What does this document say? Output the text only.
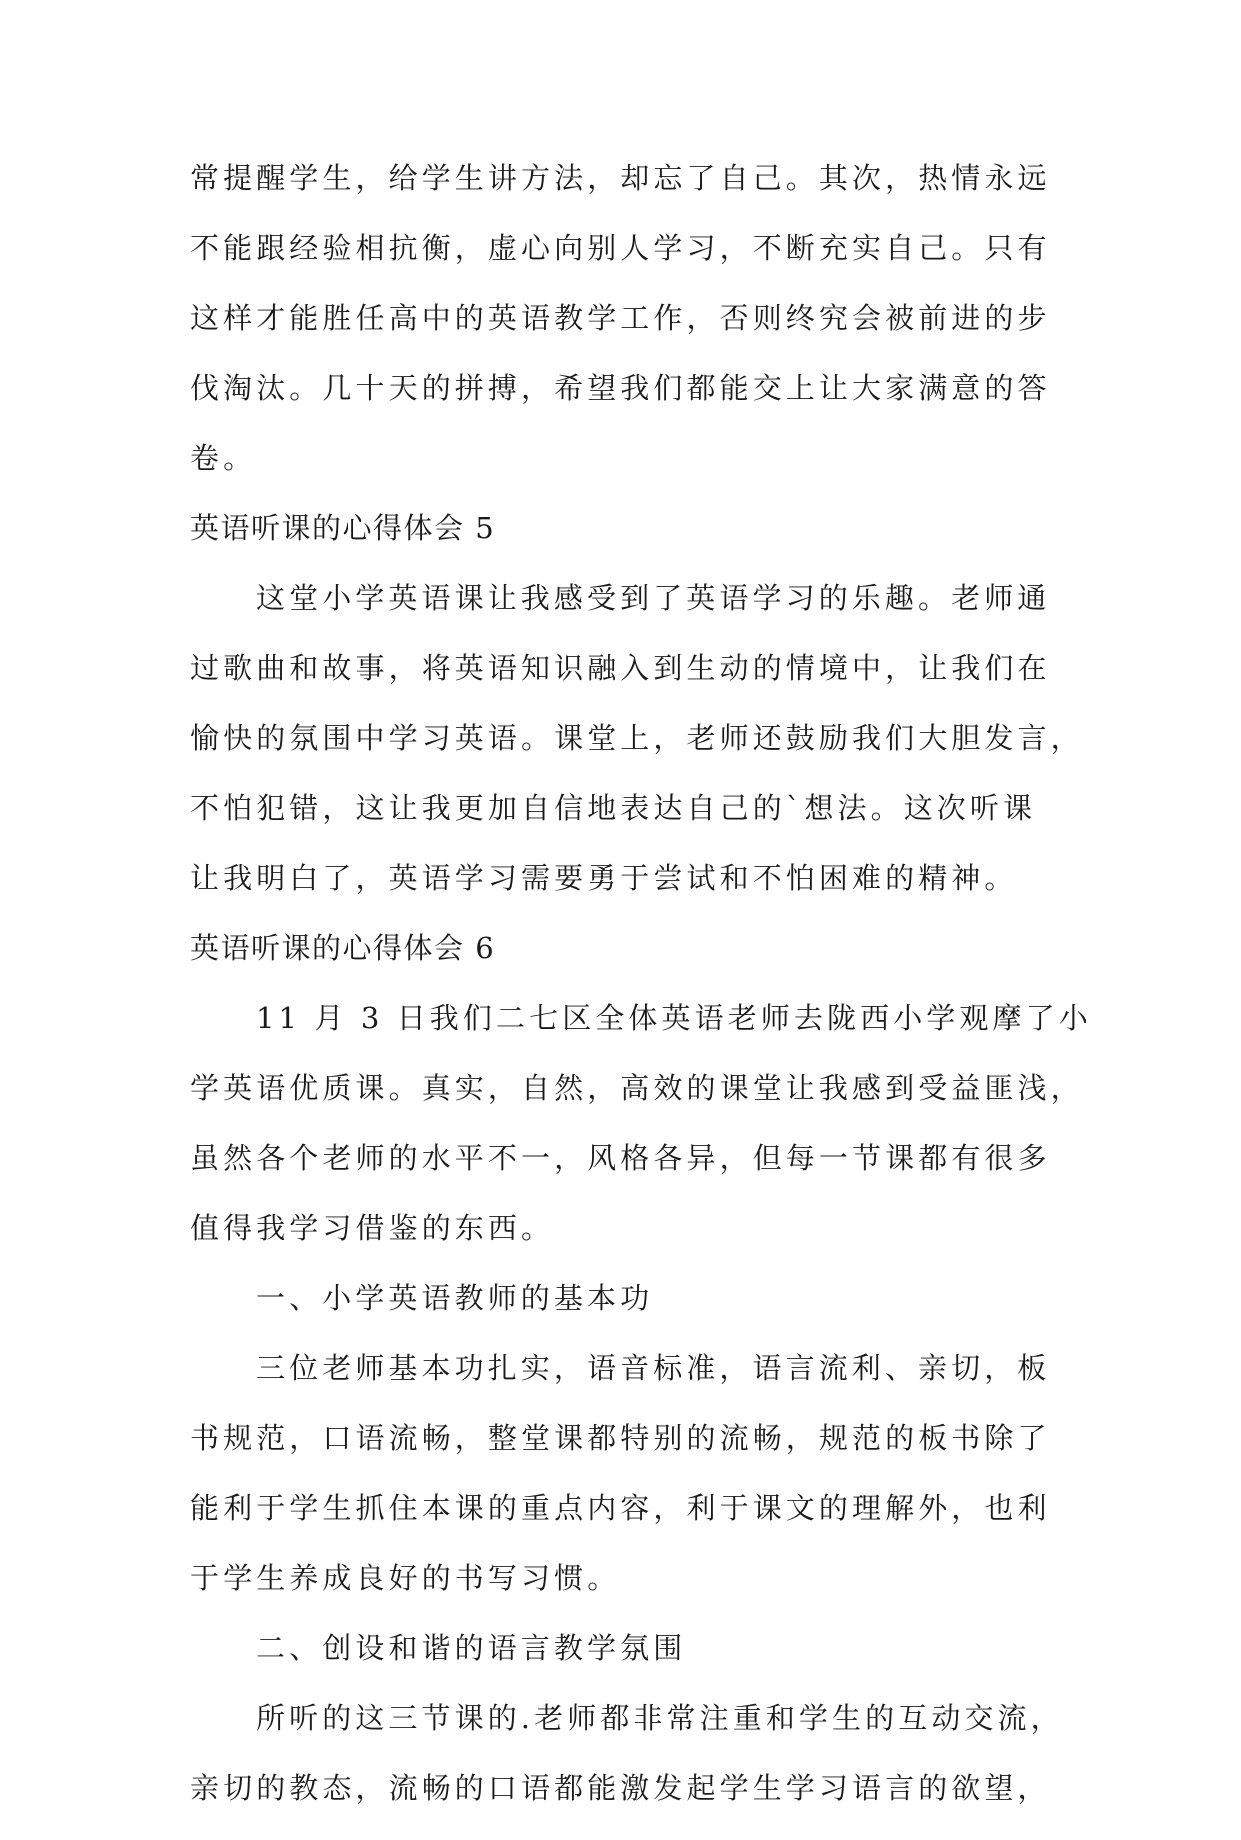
常提醒学生，给学生讲方法，却忘了自己。其次，热情永远
不能跟经验相抗衡，虚心向别人学习，不断充实自己。只有
这样才能胜任高中的英语教学工作，否则终究会被前进的步
伐淘汰。几十天的拼搏，希望我们都能交上让大家满意的答
卷。
英语听课的心得体会 5
这堂小学英语课让我感受到了英语学习的乐趣。老师通
过歌曲和故事，将英语知识融入到生动的情境中，让我们在
愉快的氛围中学习英语。课堂上，老师还鼓励我们大胆发言，
不怕犯错，这让我更加自信地表达自己的`想法。这次听课
让我明白了，英语学习需要勇于尝试和不怕困难的精神。
英语听课的心得体会 6
11 月 3 日我们二七区全体英语老师去陇西小学观摩了小
学英语优质课。真实，自然，高效的课堂让我感到受益匪浅，
虽然各个老师的水平不一，风格各异，但每一节课都有很多
值得我学习借鉴的东西。
一、小学英语教师的基本功
三位老师基本功扎实，语音标准，语言流利、亲切，板
书规范，口语流畅，整堂课都特别的流畅，规范的板书除了
能利于学生抓住本课的重点内容，利于课文的理解外，也利
于学生养成良好的书写习惯。
二、创设和谐的语言教学氛围
所听的这三节课的.老师都非常注重和学生的互动交流，
亲切的教态，流畅的口语都能激发起学生学习语言的欲望，
